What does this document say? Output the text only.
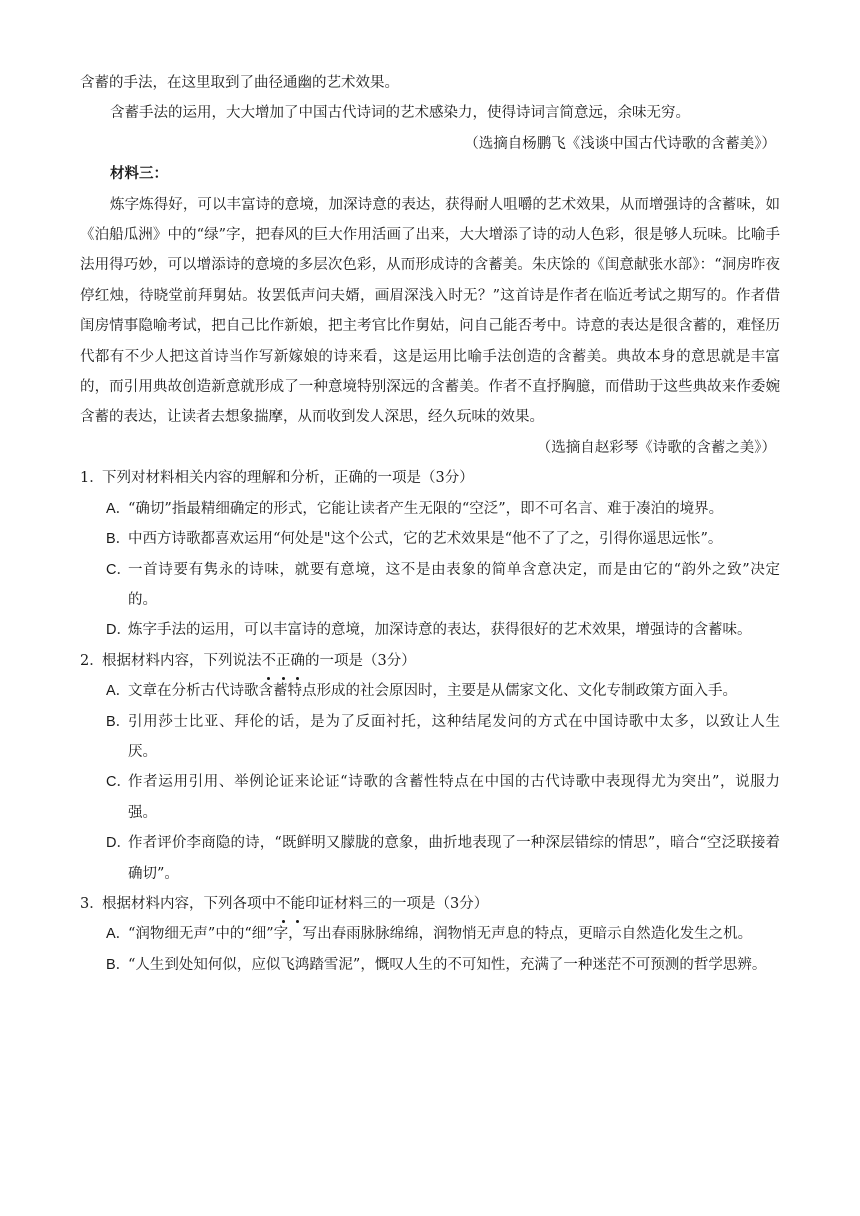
含蓄的手法，在这里取到了曲径通幽的艺术效果。

含蓄手法的运用，大大增加了中国古代诗词的艺术感染力，使得诗词言简意远，余味无穷。

（选摘自杨鹏飞《浅谈中国古代诗歌的含蓄美》）

材料三：

炼字炼得好，可以丰富诗的意境，加深诗意的表达，获得耐人咀嚼的艺术效果，从而增强诗的含蓄味，如《泊船瓜洲》中的“绿”字，把春风的巨大作用活画了出来，大大增添了诗的动人色彩，很是够人玩味。比喻手法用得巧妙，可以增添诗的意境的多层次色彩，从而形成诗的含蓄美。朱庆馀的《闺意献张水部》：“洞房昨夜停红烛，待晓堂前拜舅姑。妆罢低声问夫婿，画眉深浅入时无？”这首诗是作者在临近考试之期写的。作者借闺房情事隐喻考试，把自己比作新娘，把主考官比作舅姑，问自己能否考中。诗意的表达是很含蓄的，难怪历代都有不少人把这首诗当作写新嫁娘的诗来看，这是运用比喻手法创造的含蓄美。典故本身的意思就是丰富的，而引用典故创造新意就形成了一种意境特别深远的含蓄美。作者不直抒胸臆，而借助于这些典故来作委婉含蓄的表达，让读者去想象揣摩，从而收到发人深思，经久玩味的效果。

（选摘自赵彩琴《诗歌的含蓄之美》）

1．
下列对材料相关内容的理解和分析，正确的一项是（3分）
A．
“确切”指最精细确定的形式，它能让读者产生无限的“空泛”，即不可名言、难于凑泊的境界。
B．
中西方诗歌都喜欢运用“何处是"这个公式，它的艺术效果是“他不了了之，引得你遥思远怅”。
C．
一首诗要有隽永的诗味，就要有意境，这不是由表象的简单含意决定，而是由它的“韵外之致”决定的。
D．
炼字手法的运用，可以丰富诗的意境，加深诗意的表达，获得很好的艺术效果，增强诗的含蓄味。
2．
根据材料内容，下列说法不正确的一项是（3分）
A．
文章在分析古代诗歌含蓄特点形成的社会原因时，主要是从儒家文化、文化专制政策方面入手。
B．
引用莎士比亚、拜伦的话，是为了反面衬托，这种结尾发问的方式在中国诗歌中太多，以致让人生厌。
C．
作者运用引用、举例论证来论证“诗歌的含蓄性特点在中国的古代诗歌中表现得尤为突出”，说服力强。
D．
作者评价李商隐的诗，“既鲜明又朦胧的意象，曲折地表现了一种深层错综的情思”，暗合“空泛联接着确切”。
3．
根据材料内容，下列各项中不能印证材料三的一项是（3分）
A．
“润物细无声”中的“细”字，写出春雨脉脉绵绵，润物悄无声息的特点，更暗示自然造化发生之机。
B．
“人生到处知何似，应似飞鸿踏雪泥”，慨叹人生的不可知性，充满了一种迷茫不可预测的哲学思辨。
